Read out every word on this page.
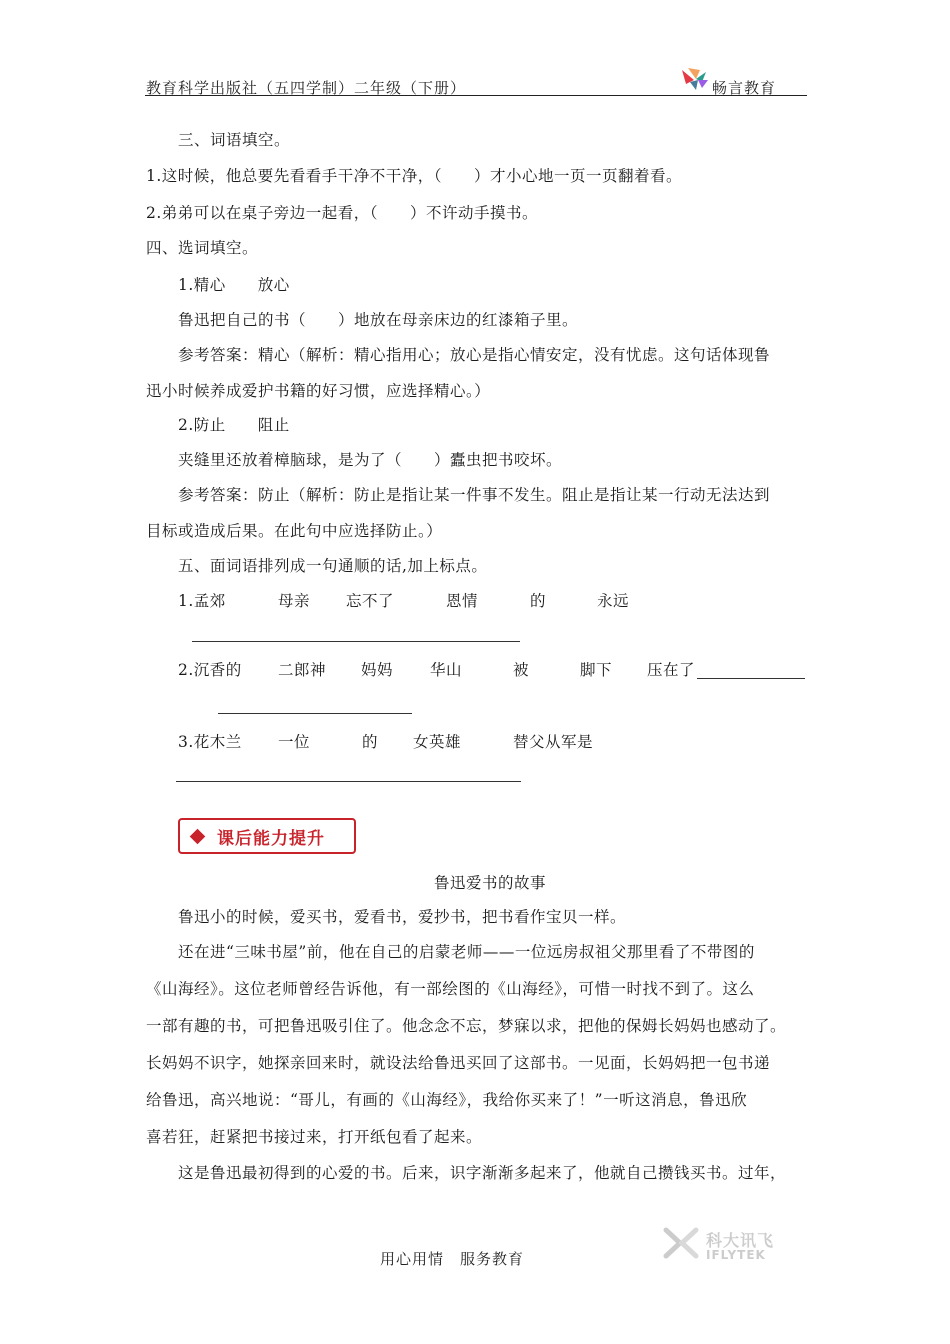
教育科学出版社（五四学制）二年级（下册）	畅言教育
三、词语填空。
1.这时候，他总要先看看手干净不干净，（　　）才小心地一页一页翻着看。
2.弟弟可以在桌子旁边一起看，（　　）不许动手摸书。
四、选词填空。
1.精心　　放心
鲁迅把自己的书（　　）地放在母亲床边的红漆箱子里。
参考答案：精心（解析：精心指用心；放心是指心情安定，没有忧虑。这句话体现鲁
迅小时候养成爱护书籍的好习惯，应选择精心。）
2.防止　　阻止
夹缝里还放着樟脑球，是为了（　　）蠹虫把书咬坏。
参考答案：防止（解析：防止是指让某一件事不发生。阻止是指让某一行动无法达到
目标或造成后果。在此句中应选择防止。）
五、面词语排列成一句通顺的话,加上标点。
1.孟郊	母亲 忘不了	恩情	的	永远
2.沉香的 二郎神 妈妈 华山	被	脚下 压在了
3.花木兰 一位	的 女英雄	替父从军是
课后能力提升
鲁迅爱书的故事
鲁迅小的时候，爱买书，爱看书，爱抄书，把书看作宝贝一样。
还在进“三味书屋”前，他在自己的启蒙老师——一位远房叔祖父那里看了不带图的
《山海经》。这位老师曾经告诉他，有一部绘图的《山海经》，可惜一时找不到了。这么
一部有趣的书，可把鲁迅吸引住了。他念念不忘，梦寐以求，把他的保姆长妈妈也感动了。
长妈妈不识字，她探亲回来时，就设法给鲁迅买回了这部书。一见面，长妈妈把一包书递
给鲁迅，高兴地说：“哥儿，有画的《山海经》，我给你买来了！”一听这消息，鲁迅欣
喜若狂，赶紧把书接过来，打开纸包看了起来。
这是鲁迅最初得到的心爱的书。后来，识字渐渐多起来了，他就自己攒钱买书。过年，
用心用情　服务教育
科大讯飞
IFLYTEK
